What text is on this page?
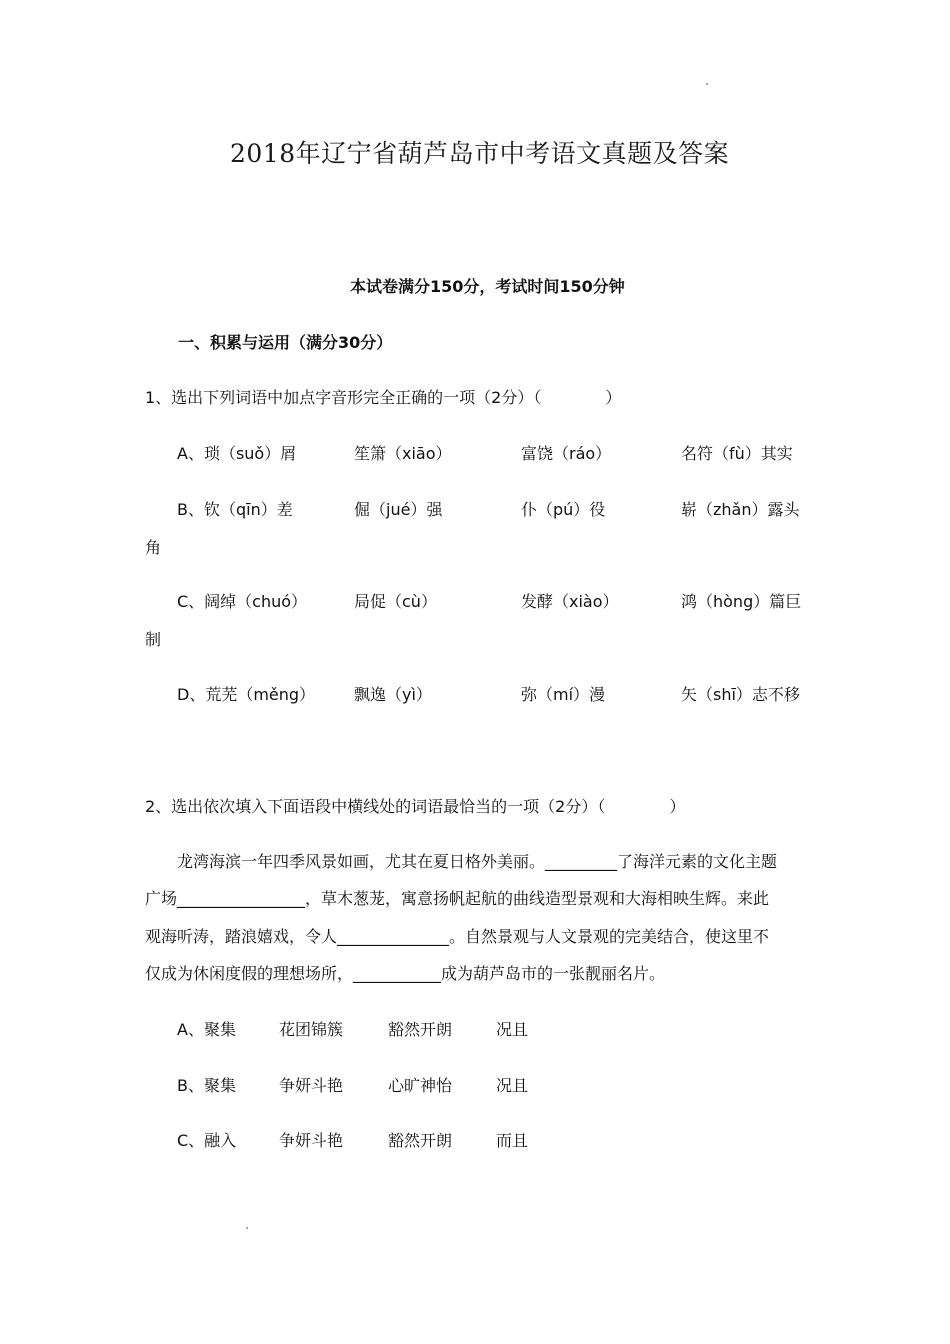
2018年辽宁省葫芦岛市中考语文真题及答案
本试卷满分150分，考试时间150分钟
一、积累与运用（满分30分）
1、选出下列词语中加点字音形完全正确的一项（2分）（　　　　）
A、琐（suǒ）屑	笙箫（xiāo）	富饶（ráo）	名符（fù）其实
B、钦（qīn）差	倔（jué）强	仆（pú）役	崭（zhǎn）露头
角
C、阔绰（chuó）	局促（cù）	发酵（xiào）	鸿（hòng）篇巨
制
D、荒芜（měng） 飘逸（yì）	弥（mí）漫	矢（shī）志不移
2、选出依次填入下面语段中横线处的词语最恰当的一项（2分）（　　　　）
　　龙湾海滨一年四季风景如画，尤其在夏日格外美丽。_________了海洋元素的文化主题
广场________________，草木葱茏，寓意扬帆起航的曲线造型景观和大海相映生辉。来此
观海听涛，踏浪嬉戏，令人______________。自然景观与人文景观的完美结合，使这里不
仅成为休闲度假的理想场所，___________成为葫芦岛市的一张靓丽名片。
A、聚集	花团锦簇	豁然开朗	况且
B、聚集	争妍斗艳	心旷神怡	况且
C、融入	争妍斗艳	豁然开朗	而且
